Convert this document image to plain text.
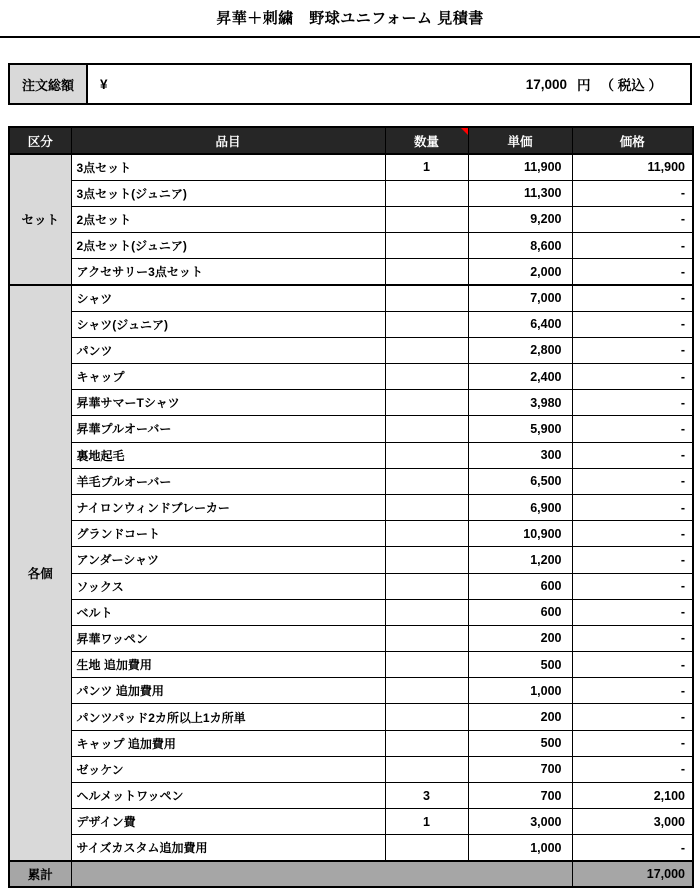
昇華＋刺繍　野球ユニフォーム 見積書
注文総額	¥	17,000 円 （ 税込 ）
区分	品目	数量	単価	価格
セット	3点セット	1	11,900	11,900
	3点セット(ジュニア)		11,300	-
	2点セット		9,200	-
	2点セット(ジュニア)		8,600	-
	アクセサリー3点セット		2,000	-
各個	シャツ		7,000	-
	シャツ(ジュニア)		6,400	-
	パンツ		2,800	-
	キャップ		2,400	-
	昇華サマーTシャツ		3,980	-
	昇華プルオーバー		5,900	-
	裏地起毛		300	-
	羊毛プルオーバー		6,500	-
	ナイロンウィンドブレーカー		6,900	-
	グランドコート		10,900	-
	アンダーシャツ		1,200	-
	ソックス		600	-
	ベルト		600	-
	昇華ワッペン		200	-
	生地 追加費用		500	-
	パンツ 追加費用		1,000	-
	パンツパッド2カ所以上1カ所単		200	-
	キャップ 追加費用		500	-
	ゼッケン		700	-
	ヘルメットワッペン	3	700	2,100
	デザイン費	1	3,000	3,000
	サイズカスタム追加費用		1,000	-
累計				17,000
